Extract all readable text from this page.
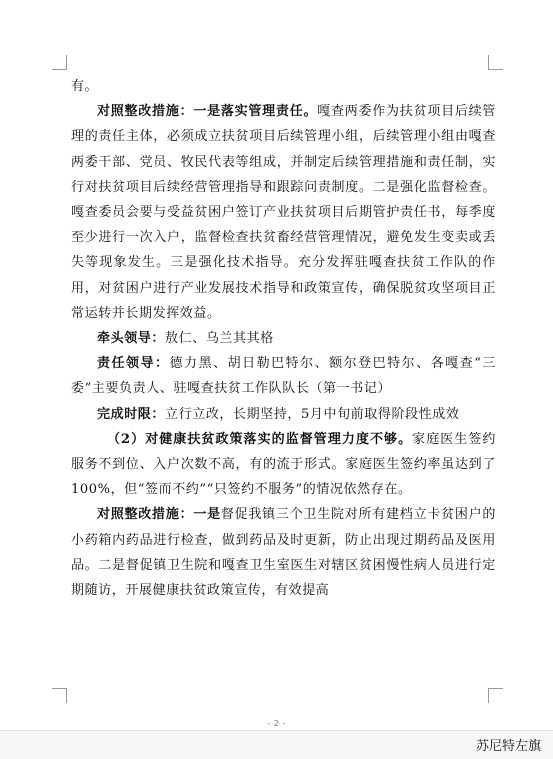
有。

对照整改措施：一是落实管理责任。嘎查两委作为扶贫项目后续管理的责任主体，必须成立扶贫项目后续管理小组，后续管理小组由嘎查两委干部、党员、牧民代表等组成，并制定后续管理措施和责任制，实行对扶贫项目后续经营管理指导和跟踪问责制度。二是强化监督检查。嘎查委员会要与受益贫困户签订产业扶贫项目后期管护责任书，每季度至少进行一次入户，监督检查扶贫畜经营管理情况，避免发生变卖或丢失等现象发生。三是强化技术指导。充分发挥驻嘎查扶贫工作队的作用，对贫困户进行产业发展技术指导和政策宣传，确保脱贫攻坚项目正常运转并长期发挥效益。

牵头领导：敖仁、乌兰其其格

责任领导：德力黑、胡日勒巴特尔、额尔登巴特尔、各嘎查“三委”主要负责人、驻嘎查扶贫工作队队长（第一书记）

完成时限：立行立改，长期坚持，5月中旬前取得阶段性成效

（2）对健康扶贫政策落实的监督管理力度不够。家庭医生签约服务不到位、入户次数不高，有的流于形式。家庭医生签约率虽达到了100%，但“签而不约”“只签约不服务”的情况依然存在。

对照整改措施：一是督促我镇三个卫生院对所有建档立卡贫困户的小药箱内药品进行检查，做到药品及时更新，防止出现过期药品及医用品。二是督促镇卫生院和嘎查卫生室医生对辖区贫困慢性病人员进行定期随访，开展健康扶贫政策宣传，有效提高

- 2 -
苏尼特左旗
